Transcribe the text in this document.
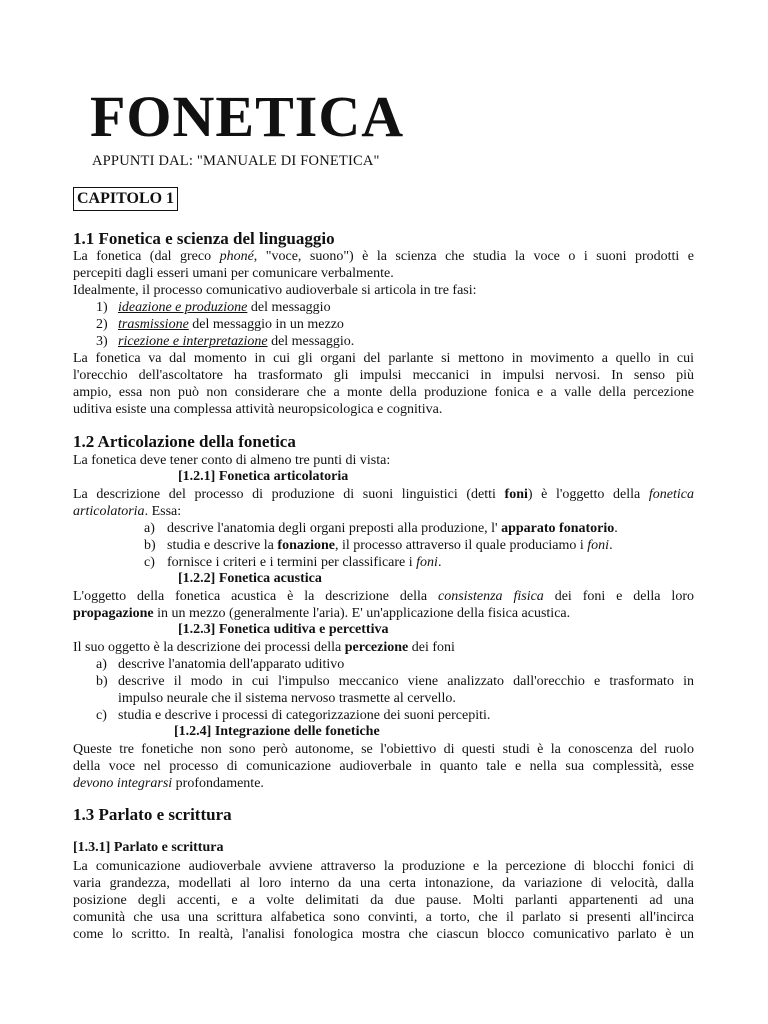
FONETICA

APPUNTI DAL: "MANUALE DI FONETICA"

CAPITOLO 1
1.1 Fonetica e scienza del linguaggio

La fonetica (dal greco phoné, "voce, suono") è la scienza che studia la voce o i suoni prodotti e

percepiti dagli esseri umani per comunicare verbalmente.

Idealmente, il processo comunicativo audioverbale si articola in tre fasi:

1) ideazione e produzione del messaggio
2) trasmissione del messaggio in un mezzo
3) ricezione e interpretazione del messaggio.

La fonetica va dal momento in cui gli organi del parlante si mettono in movimento a quello in cui

l'orecchio dell'ascoltatore ha trasformato gli impulsi meccanici in impulsi nervosi. In senso più

ampio, essa non può non considerare che a monte della produzione fonica e a valle della percezione

uditiva esiste una complessa attività neuropsicologica e cognitiva.

1.2 Articolazione della fonetica

La fonetica deve tener conto di almeno tre punti di vista:

[1.2.1] Fonetica articolatoria

La descrizione del processo di produzione di suoni linguistici (detti foni) è l'oggetto della fonetica

articolatoria. Essa:

a) descrive l'anatomia degli organi preposti alla produzione, l' apparato fonatorio.
b) studia e descrive la fonazione, il processo attraverso il quale produciamo i foni.
c) fornisce i criteri e i termini per classificare i foni.
[1.2.2] Fonetica acustica

L'oggetto della fonetica acustica è la descrizione della consistenza fisica dei foni e della loro

propagazione in un mezzo (generalmente l'aria). E' un'applicazione della fisica acustica.

[1.2.3] Fonetica uditiva e percettiva

Il suo oggetto è la descrizione dei processi della percezione dei foni

a) descrive l'anatomia dell'apparato uditivo
b) descrive il modo in cui l'impulso meccanico viene analizzato dall'orecchio e trasformato in
impulso neurale che il sistema nervoso trasmette al cervello.
c) studia e descrive i processi di categorizzazione dei suoni percepiti.
[1.2.4] Integrazione delle fonetiche

Queste tre fonetiche non sono però autonome, se l'obiettivo di questi studi è la conoscenza del ruolo

della voce nel processo di comunicazione audioverbale in quanto tale e nella sua complessità, esse

devono integrarsi profondamente.

1.3 Parlato e scrittura
[1.3.1] Parlato e scrittura

La comunicazione audioverbale avviene attraverso la produzione e la percezione di blocchi fonici di

varia grandezza, modellati al loro interno da una certa intonazione, da variazione di velocità, dalla

posizione degli accenti, e a volte delimitati da due pause. Molti parlanti appartenenti ad una

comunità che usa una scrittura alfabetica sono convinti, a torto, che il parlato si presenti all'incirca

come lo scritto. In realtà, l'analisi fonologica mostra che ciascun blocco comunicativo parlato è un
